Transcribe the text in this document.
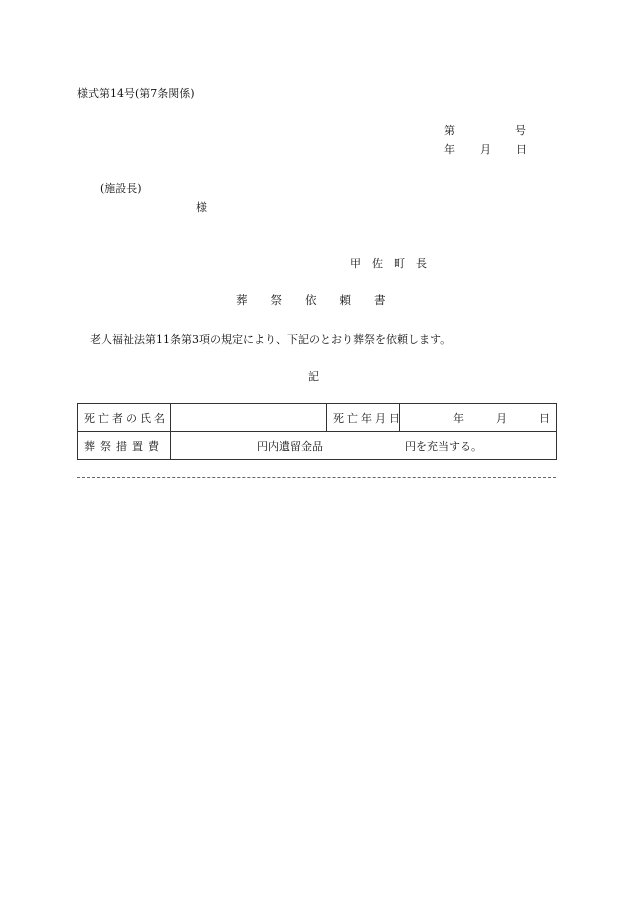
様式第14号(第7条関係)
第	号
年 月 日
(施設長)
様
甲佐町長
葬祭依頼書
老人福祉法第11条第3項の規定により、下記のとおり葬祭を依頼します。
記
死亡者の氏名		死亡年月日	年 月 日
葬祭措置費	円内遺留金品 円を充当する。		
